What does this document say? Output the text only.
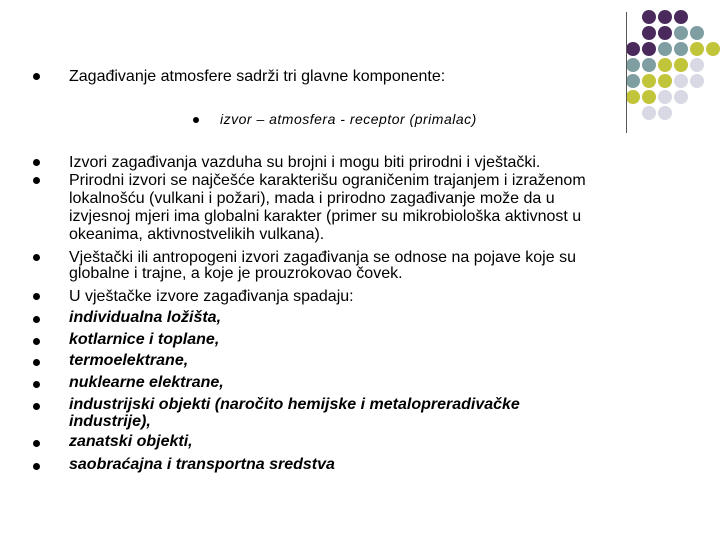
Zagađivanje atmosfere sadrži tri glavne komponente:
izvor – atmosfera - receptor (primalac)
Izvori zagađivanja vazduha su brojni i mogu biti prirodni i vještački.
Prirodni izvori se najčešće karakterišu ograničenim trajanjem i izraženom
lokalnošću (vulkani i požari), mada i prirodno zagađivanje može da u
izvjesnoj mjeri ima globalni karakter (primer su mikrobiološka aktivnost u
okeanima, aktivnostvelikih vulkana).
Vještački ili antropogeni izvori zagađivanja se odnose na pojave koje su
globalne i trajne, a koje je prouzrokovao čovek.
U vještačke izvore zagađivanja spadaju:
individualna ložišta,
kotlarnice i toplane,
termoelektrane,
nuklearne elektrane,
industrijski objekti (naročito hemijske i metalopreradivačke
industrije),
zanatski objekti,
saobraćajna i transportna sredstva
